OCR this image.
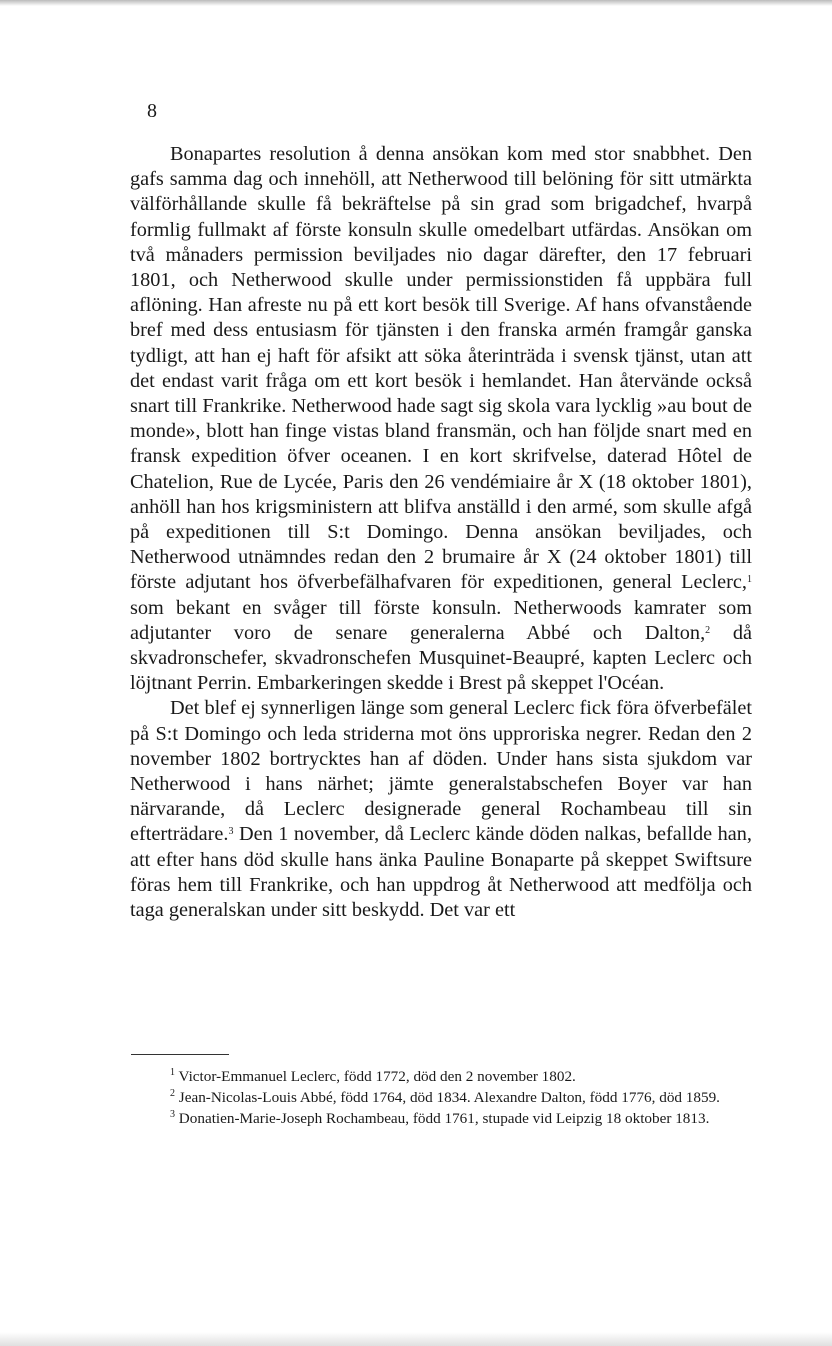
8

Bonapartes resolution å denna ansökan kom med stor snabbhet. Den gafs samma dag och innehöll, att Netherwood till belöning för sitt utmärkta välförhållande skulle få bekräftelse på sin grad som brigadchef, hvarpå formlig fullmakt af förste konsuln skulle omedelbart utfärdas. Ansökan om två månaders permission beviljades nio dagar därefter, den 17 februari 1801, och Netherwood skulle under permissionstiden få uppbära full aflöning. Han afreste nu på ett kort besök till Sverige. Af hans ofvanstående bref med dess entusiasm för tjänsten i den franska armén framgår ganska tydligt, att han ej haft för afsikt att söka återinträda i svensk tjänst, utan att det endast varit fråga om ett kort besök i hemlandet. Han återvände också snart till Frankrike. Netherwood hade sagt sig skola vara lycklig »au bout de monde», blott han finge vistas bland fransmän, och han följde snart med en fransk expedition öfver oceanen. I en kort skrifvelse, daterad Hôtel de Chatelion, Rue de Lycée, Paris den 26 vendémiaire år X (18 oktober 1801), anhöll han hos krigsministern att blifva anställd i den armé, som skulle afgå på expeditionen till S:t Domingo. Denna ansökan beviljades, och Netherwood utnämndes redan den 2 brumaire år X (24 oktober 1801) till förste adjutant hos öfverbefälhafvaren för expeditionen, general Leclerc,$^1$ som bekant en svåger till förste konsuln. Netherwoods kamrater som adjutanter voro de senare generalerna Abbé och Dalton,$^2$ då skvadronschefer, skvadronschefen Musquinet-Beaupré, kapten Leclerc och löjtnant Perrin. Embarkeringen skedde i Brest på skeppet l'Océan.

Det blef ej synnerligen länge som general Leclerc fick föra öfverbefälet på S:t Domingo och leda striderna mot öns upproriska negrer. Redan den 2 november 1802 bortrycktes han af döden. Under hans sista sjukdom var Netherwood i hans närhet; jämte generalstabschefen Boyer var han närvarande, då Leclerc designerade general Rochambeau till sin efterträdare.$^3$ Den 1 november, då Leclerc kände döden nalkas, befallde han, att efter hans död skulle hans änka Pauline Bonaparte på skeppet Swiftsure föras hem till Frankrike, och han uppdrog åt Netherwood att medfölja och taga generalskan under sitt beskydd. Det var ett

$^1$ Victor-Emmanuel Leclerc, född 1772, död den 2 november 1802.

$^2$ Jean-Nicolas-Louis Abbé, född 1764, död 1834. Alexandre Dalton, född 1776, död 1859.

$^3$ Donatien-Marie-Joseph Rochambeau, född 1761, stupade vid Leipzig 18 oktober 1813.
